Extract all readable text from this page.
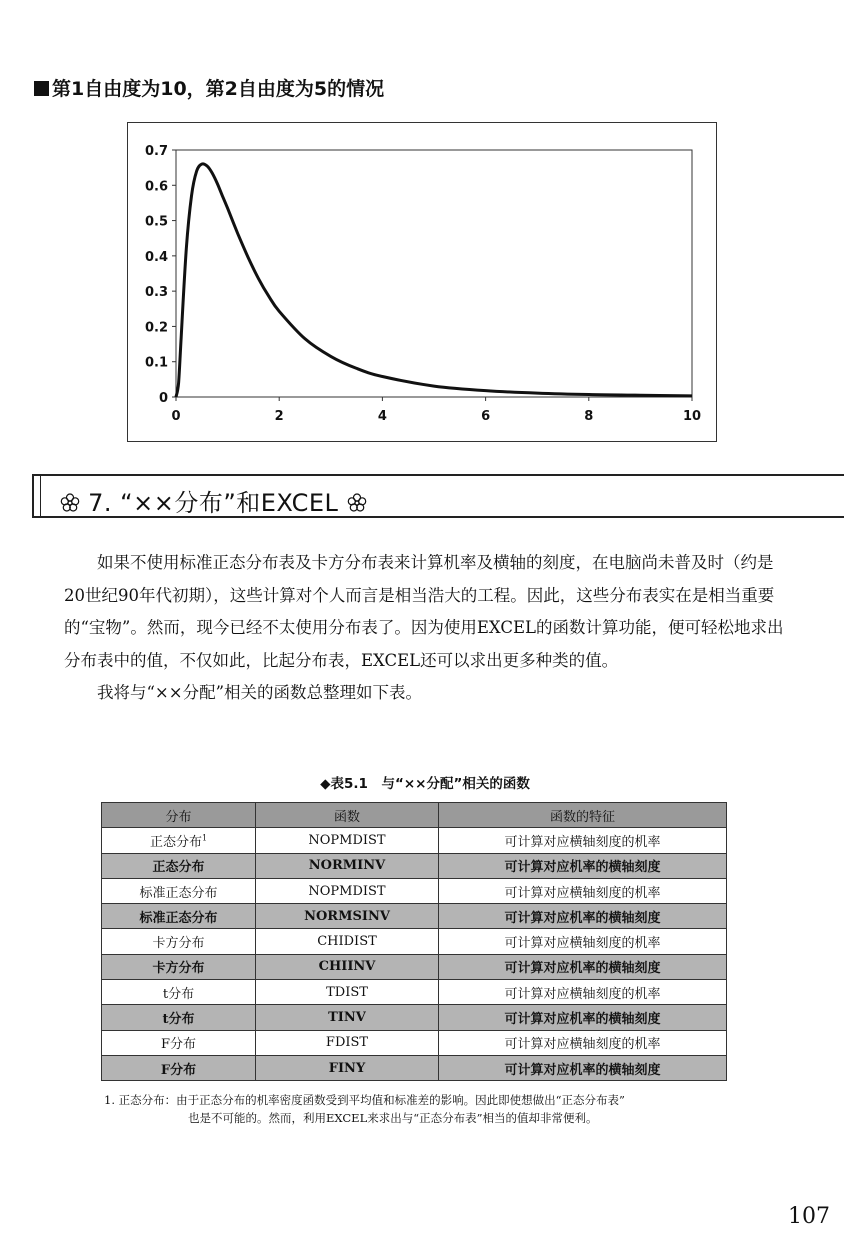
第1自由度为10，第2自由度为5的情况
0
0.1
0.2
0.3
0.4
0.5
0.6
0.7
0	2	4	6	8	10
7. “××分布”和EXCEL

如果不使用标准正态分布表及卡方分布表来计算机率及横轴的刻度，在电脑尚未普及时（约是20世纪90年代初期），这些计算对个人而言是相当浩大的工程。因此，这些分布表实在是相当重要的“宝物”。然而，现今已经不太使用分布表了。因为使用EXCEL的函数计算功能，便可轻松地求出分布表中的值，不仅如此，比起分布表，EXCEL还可以求出更多种类的值。

我将与“××分配”相关的函数总整理如下表。

◆表5.1　与“××分配”相关的函数
分布	函数	函数的特征
正态分布$^1$	NOPMDIST	可计算对应横轴刻度的机率
正态分布	NORMINV	可计算对应机率的横轴刻度
标准正态分布	NOPMDIST	可计算对应横轴刻度的机率
标准正态分布	NORMSINV	可计算对应机率的横轴刻度
卡方分布	CHIDIST	可计算对应横轴刻度的机率
卡方分布	CHIINV	可计算对应机率的横轴刻度
t分布	TDIST	可计算对应横轴刻度的机率
t分布	TINV	可计算对应机率的横轴刻度
F分布	FDIST	可计算对应横轴刻度的机率
F分布	FINY	可计算对应机率的横轴刻度
1. 正态分布：由于正态分布的机率密度函数受到平均值和标准差的影响。因此即使想做出“正态分布表”
也是不可能的。然而，利用EXCEL来求出与“正态分布表”相当的值却非常便利。
107
